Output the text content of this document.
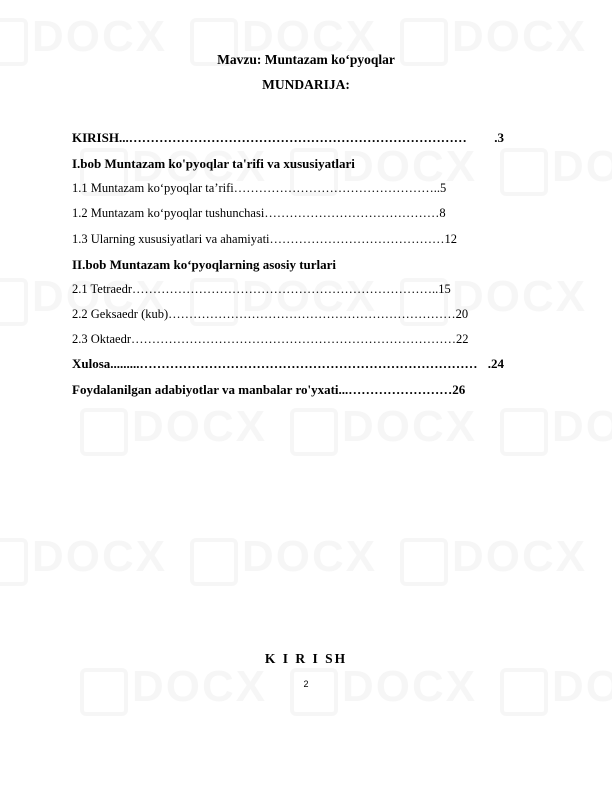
Mavzu: Muntazam ko‘pyoqlar
MUNDARIJA:
KIRISH... ……………………………………………………………………	.3
I.bob Muntazam ko'pyoqlar ta'rifi va xususiyatlari
1.1 Muntazam ko‘pyoqlar ta’rifi ………………………………………….. 5
1.2 Muntazam ko‘pyoqlar tushunchasi …………………………………… 8
1.3 Ularning xususiyatlari va ahamiyati …………………………………… 12
II.bob Muntazam ko‘pyoqlarning asosiy turlari
2.1 Tetraedr ……………………………………………………………….. 15
2.2 Geksaedr (kub) …………………………………………………………… 20
2.3 Oktaedr …………………………………………………………………… 22
Xulosa......... …………………………………………………………………… .24
Foydalanilgan adabiyotlar va manbalar ro'yxati... …………………… 26
K I R I SH
2
